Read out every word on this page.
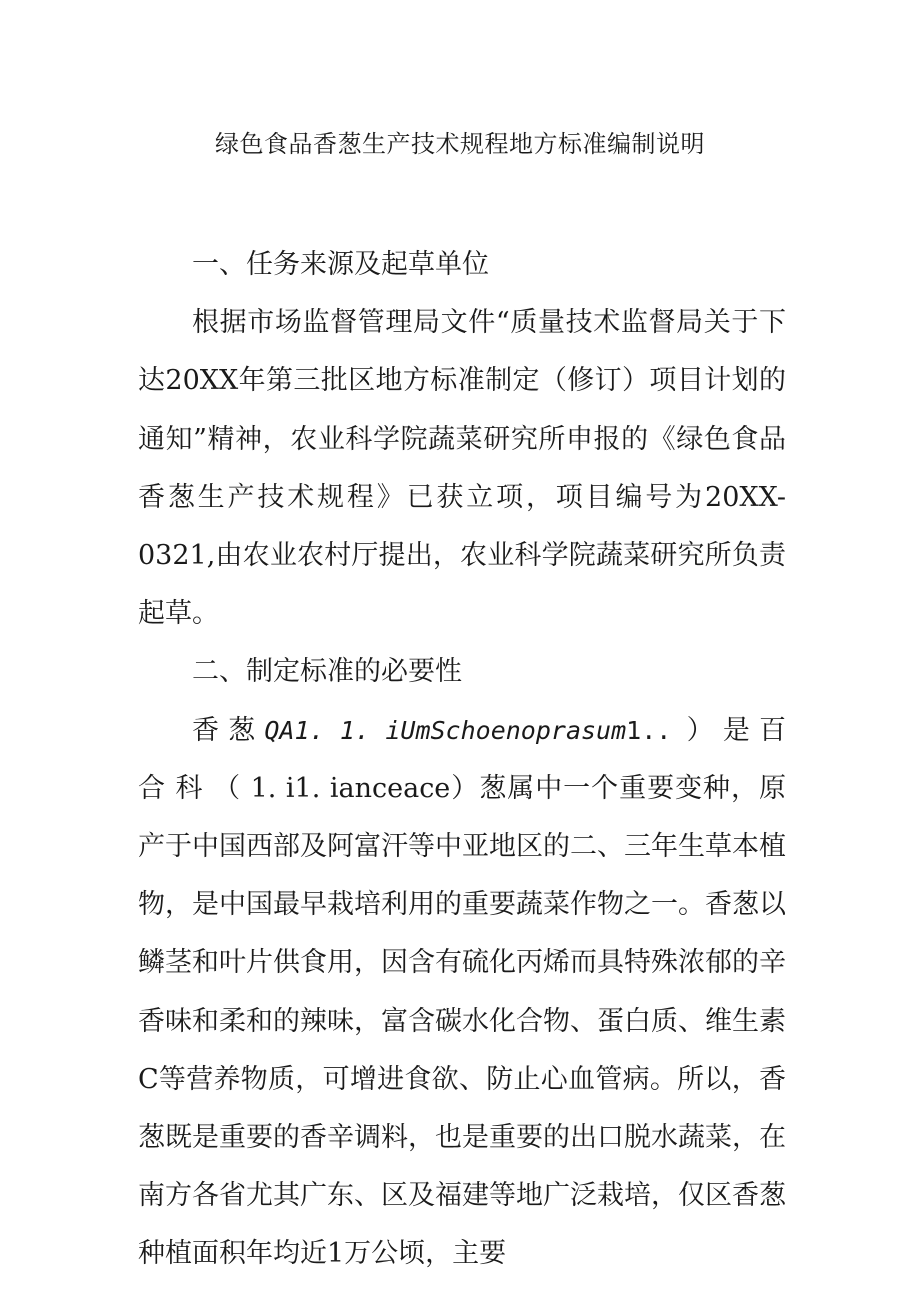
绿色食品香葱生产技术规程地方标准编制说明

一、任务来源及起草单位

根据市场监督管理局文件“质量技术监督局关于下达20XX年第三批区地方标准制定（修订）项目计划的通知”精神，农业科学院蔬菜研究所申报的《绿色食品香葱生产技术规程》已获立项，项目编号为20XX-0321,由农业农村厅提出，农业科学院蔬菜研究所负责起草。

二、制定标准的必要性

香 葱 QA1. 1. iUmSchoenoprasum1.. ） 是 百 合 科 （ 1. i1. ianceace）葱属中一个重要变种，原产于中国西部及阿富汗等中亚地区的二、三年生草本植物，是中国最早栽培利用的重要蔬菜作物之一。香葱以鳞茎和叶片供食用，因含有硫化丙烯而具特殊浓郁的辛香味和柔和的辣味，富含碳水化合物、蛋白质、维生素C等营养物质，可增进食欲、防止心血管病。所以，香葱既是重要的香辛调料，也是重要的出口脱水蔬菜，在南方各省尤其广东、区及福建等地广泛栽培，仅区香葱种植面积年均近1万公顷，主要
